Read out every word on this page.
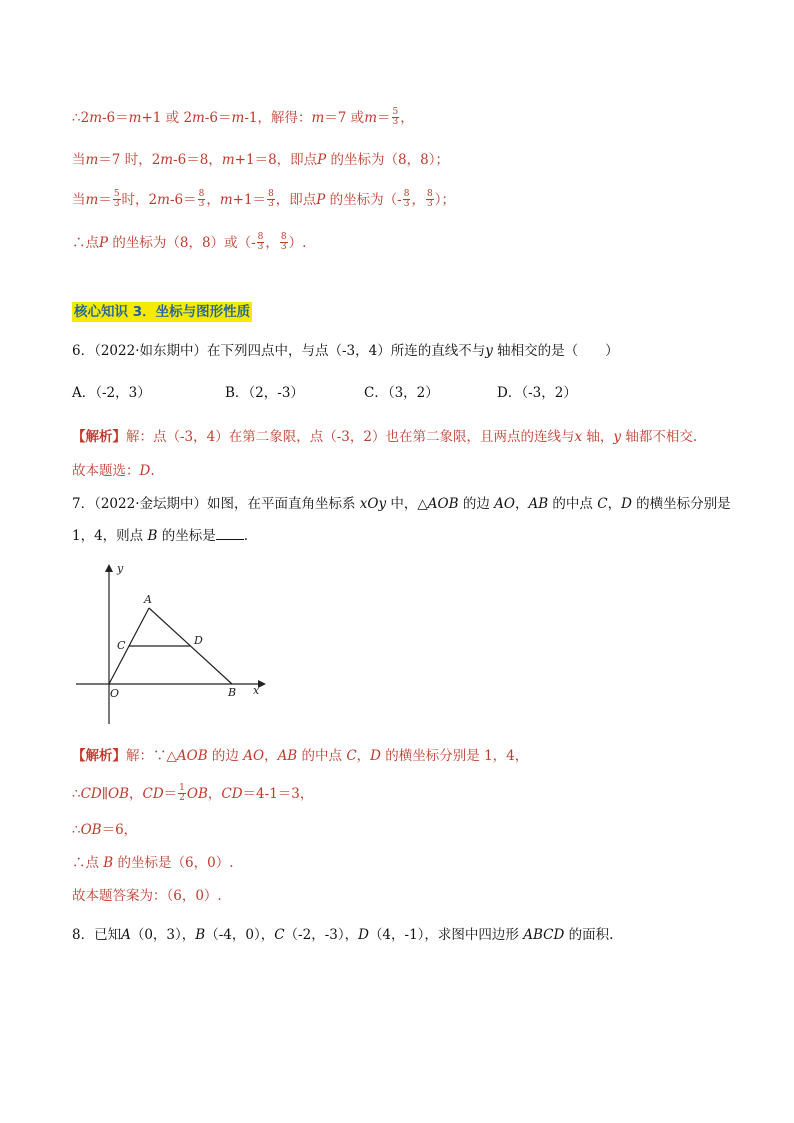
∴2m-6＝m+1 或 2m-6＝m-1，解得：m＝7 或$m= \frac{5}{3}$ ，
当m＝7 时，2m-6＝8，m+1＝8，即点P 的坐标为（8，8）；
当$m= \frac{5}{3}$ 时，$2m-6= \frac{8}{3}$ ，$m+1= \frac{8}{3}$ ，即点P 的坐标为（- $\frac{8}{3}$ ， $\frac{8}{3}$ ）；
∴点P 的坐标为（8，8）或（- $\frac{8}{3}$ ， $\frac{8}{3}$ ）.
核心知识 3．坐标与图形性质
6．（2022·如东期中）在下列四点中，与点（-3，4）所连的直线不与y 轴相交的是（　　）
A．（-2，3）	B．（2，-3）	C．（3，2）	D．（-3，2）
【解析】解：点（-3，4）在第二象限，点（-3，2）也在第二象限，且两点的连线与x 轴，y 轴都不相交.
故本题选：D.
7．（2022·金坛期中）如图，在平面直角坐标系 xOy 中，△AOB 的边 AO，AB 的中点 C，D 的横坐标分别是
1，4，则点 B 的坐标是 .
y
x
A
C	D
O	B
【解析】解：∵△AOB 的边 AO，AB 的中点 C，D 的横坐标分别是 1，4，
∴CD∥OB，$CD= \frac{1}{2}$ OB，CD＝4-1＝3，
∴OB＝6，
∴点 B 的坐标是（6，0）.
故本题答案为：（6，0）.
8．已知A（0，3），B（-4，0），C（-2，-3），D（4，-1），求图中四边形 ABCD 的面积.
